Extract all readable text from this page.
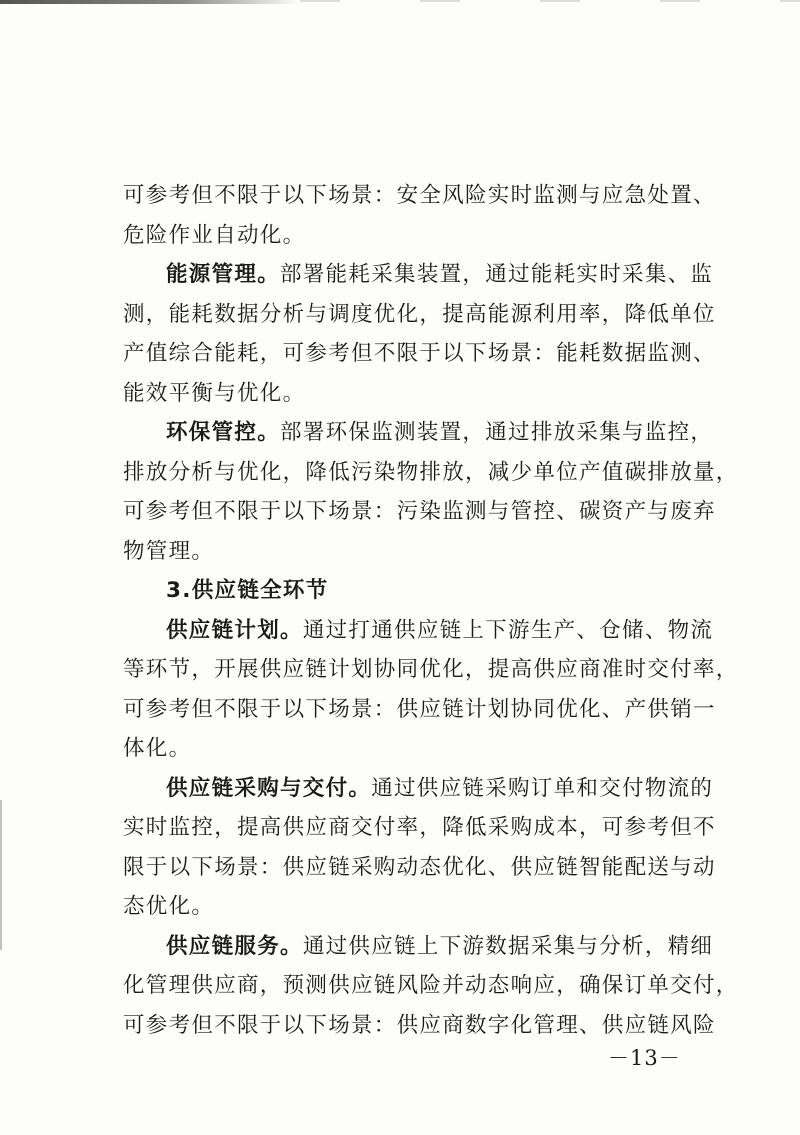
可参考但不限于以下场景：安全风险实时监测与应急处置、
危险作业自动化。
能源管理。部署能耗采集装置，通过能耗实时采集、监
测，能耗数据分析与调度优化，提高能源利用率，降低单位
产值综合能耗，可参考但不限于以下场景：能耗数据监测、
能效平衡与优化。
环保管控。部署环保监测装置，通过排放采集与监控，
排放分析与优化，降低污染物排放，减少单位产值碳排放量，
可参考但不限于以下场景：污染监测与管控、碳资产与废弃
物管理。
3.供应链全环节
供应链计划。通过打通供应链上下游生产、仓储、物流
等环节，开展供应链计划协同优化，提高供应商准时交付率，
可参考但不限于以下场景：供应链计划协同优化、产供销一
体化。
供应链采购与交付。通过供应链采购订单和交付物流的
实时监控，提高供应商交付率，降低采购成本，可参考但不
限于以下场景：供应链采购动态优化、供应链智能配送与动
态优化。
供应链服务。通过供应链上下游数据采集与分析，精细
化管理供应商，预测供应链风险并动态响应，确保订单交付，
可参考但不限于以下场景：供应商数字化管理、供应链风险
－13－
